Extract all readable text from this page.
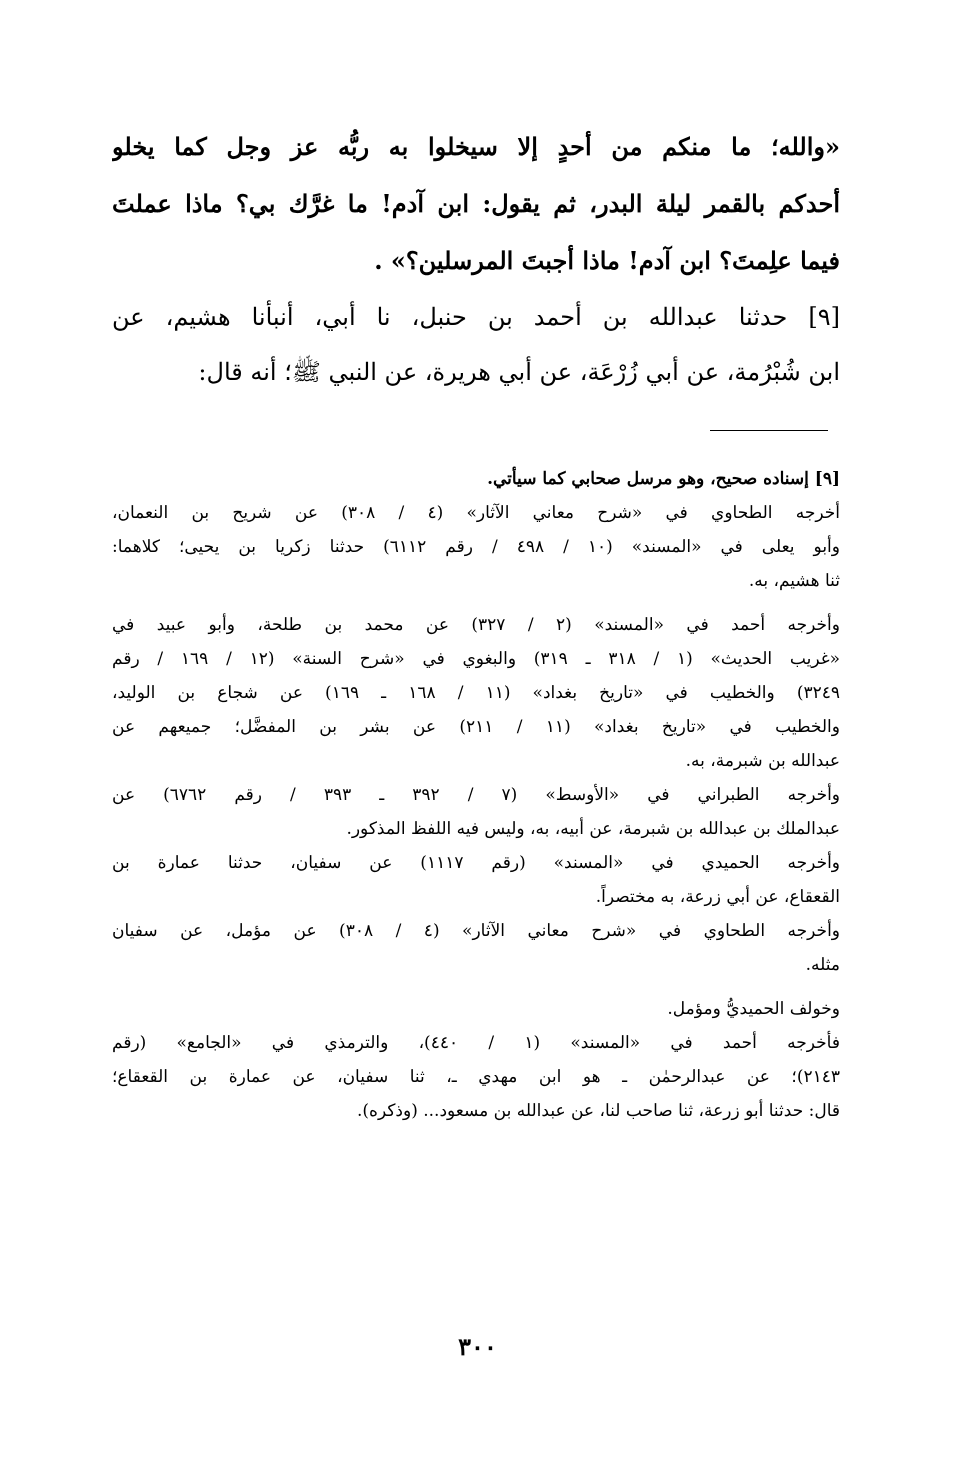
«والله؛ ما منكم من أحدٍ إلا سيخلوا به ربُّه عز وجل كما يخلو
أحدكم بالقمر ليلة البدر، ثم يقول: ابن آدم! ما غرَّك بي؟ ماذا عملتَ
فيما علِمتَ؟ ابن آدم! ماذا أجبتَ المرسلين؟» .
[٩] حدثنا عبدالله بن أحمد بن حنبل، نا أبي، أنبأنا هشيم، عن
ابن شُبْرُمة، عن أبي زُرْعَة، عن أبي هريرة، عن النبي ﷺ؛ أنه قال:
[٩] إسناده صحيح، وهو مرسل صحابي كما سيأتي.
أخرجه الطحاوي في «شرح معاني الآثار» (٤ / ٣٠٨) عن شريح بن النعمان،
وأبو يعلى في «المسند» (١٠ / ٤٩٨ / رقم ٦١١٢) حدثنا زكريا بن يحيى؛ كلاهما:
ثنا هشيم، به.
وأخرجه أحمد في «المسند» (٢ / ٣٢٧) عن محمد بن طلحة، وأبو عبيد في
«غريب الحديث» (١ / ٣١٨ ـ ٣١٩) والبغوي في «شرح السنة» (١٢ / ١٦٩ / رقم
٣٢٤٩) والخطيب في «تاريخ بغداد» (١١ / ١٦٨ ـ ١٦٩) عن شجاع بن الوليد،
والخطيب في «تاريخ بغداد» (١١ / ٢١١) عن بشر بن المفضَّل؛ جميعهم عن
عبدالله بن شبرمة، به.
وأخرجه الطبراني في «الأوسط» (٧ / ٣٩٢ ـ ٣٩٣ / رقم ٦٧٦٢) عن
عبدالملك بن عبدالله بن شبرمة، عن أبيه، به، وليس فيه اللفظ المذكور.
وأخرجه الحميدي في «المسند» (رقم ١١١٧) عن سفيان، حدثنا عمارة بن
القعقاع، عن أبي زرعة، به مختصراً.
وأخرجه الطحاوي في «شرح معاني الآثار» (٤ / ٣٠٨) عن مؤمل، عن سفيان
مثله.
وخولف الحميديُّ ومؤمل.
فأخرجه أحمد في «المسند» (١ / ٤٤٠)، والترمذي في «الجامع» (رقم
٢١٤٣)؛ عن عبدالرحمٰن ـ هو ابن مهدي ـ، ثنا سفيان، عن عمارة بن القعقاع؛
قال: حدثنا أبو زرعة، ثنا صاحب لنا، عن عبدالله بن مسعود... (وذكره).
٣٠٠
